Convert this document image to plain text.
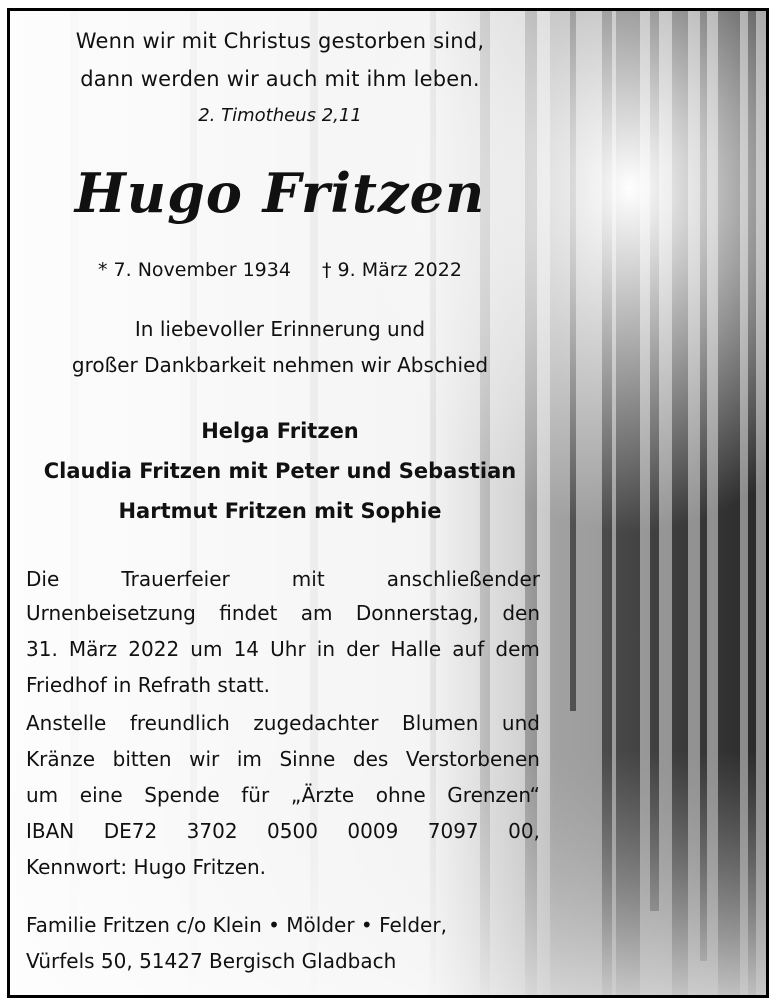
Wenn wir mit Christus gestorben sind,
dann werden wir auch mit ihm leben.
2. Timotheus 2,11
Hugo Fritzen
* 7. November 1934 † 9. März 2022
In liebevoller Erinnerung und
großer Dankbarkeit nehmen wir Abschied
Helga Fritzen
Claudia Fritzen mit Peter und Sebastian
Hartmut Fritzen mit Sophie
Die	Trauerfeier	mit	anschließender
Urnenbeisetzung findet am Donnerstag, den
31. März 2022 um 14 Uhr in der Halle auf dem
Friedhof in Refrath statt.
Anstelle freundlich zugedachter Blumen und
Kränze bitten wir im Sinne des Verstorbenen
um eine Spende für „Ärzte ohne Grenzen“
IBAN DE72 3702 0500 0009 7097 00,
Kennwort: Hugo Fritzen.
Familie Fritzen c/o Klein • Mölder • Felder,
Vürfels 50, 51427 Bergisch Gladbach
